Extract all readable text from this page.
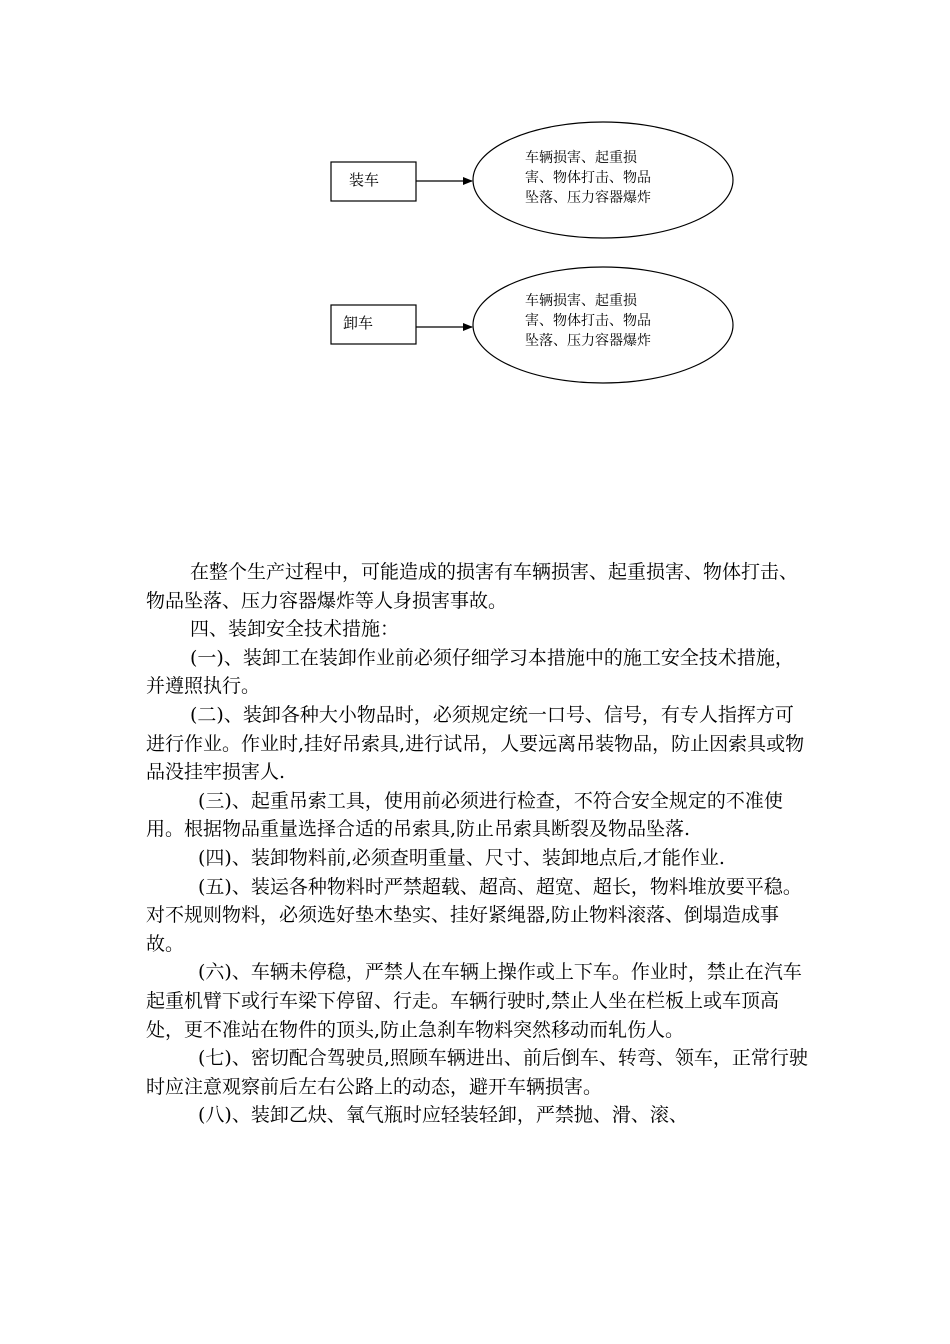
装车
车辆损害、起重损
害、物体打击、物品
坠落、压力容器爆炸
卸车
车辆损害、起重损
害、物体打击、物品
坠落、压力容器爆炸

在整个生产过程中，可能造成的损害有车辆损害、起重损害、物体打击、物品坠落、压力容器爆炸等人身损害事故。

四、装卸安全技术措施：

(一)、装卸工在装卸作业前必须仔细学习本措施中的施工安全技术措施，并遵照执行。

(二)、装卸各种大小物品时，必须规定统一口号、信号，有专人指挥方可进行作业。作业时,挂好吊索具,进行试吊，人要远离吊装物品，防止因索具或物品没挂牢损害人.

(三)、起重吊索工具，使用前必须进行检查，不符合安全规定的不准使用。根据物品重量选择合适的吊索具,防止吊索具断裂及物品坠落.

(四)、装卸物料前,必须查明重量、尺寸、装卸地点后,才能作业.

(五)、装运各种物料时严禁超载、超高、超宽、超长，物料堆放要平稳。对不规则物料，必须选好垫木垫实、挂好紧绳器,防止物料滚落、倒塌造成事故。

(六)、车辆未停稳，严禁人在车辆上操作或上下车。作业时，禁止在汽车起重机臂下或行车梁下停留、行走。车辆行驶时,禁止人坐在栏板上或车顶高处，更不准站在物件的顶头,防止急刹车物料突然移动而轧伤人。

(七)、密切配合驾驶员,照顾车辆进出、前后倒车、转弯、领车，正常行驶时应注意观察前后左右公路上的动态，避开车辆损害。

(八)、装卸乙炔、氧气瓶时应轻装轻卸，严禁抛、滑、滚、
